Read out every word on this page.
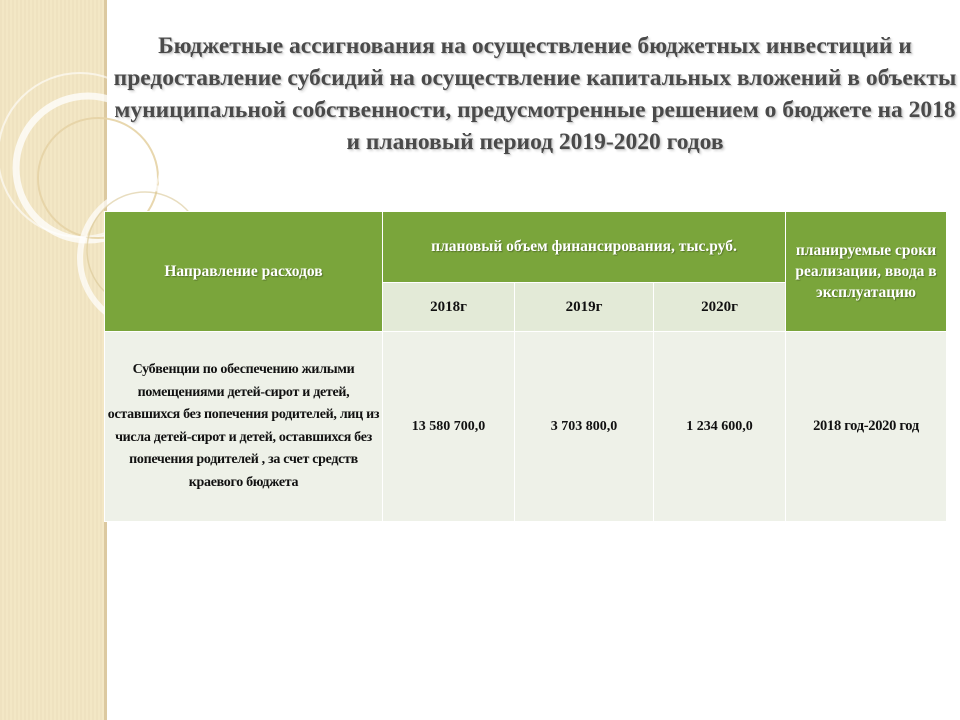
Бюджетные ассигнования на осуществление бюджетных инвестиций и предоставление субсидий на осуществление капитальных вложений в объекты муниципальной собственности, предусмотренные решением о бюджете на 2018 и плановый период 2019-2020 годов
Направление расходов	плановый объем финансирования, тыс.руб.			планируемые сроки реализации, ввода в эксплуатацию
	2018г	2019г	2020г	
Субвенции по обеспечению жилыми помещениями детей-сирот и детей, оставшихся без попечения родителей, лиц из числа детей-сирот и детей, оставшихся без попечения родителей , за счет средств краевого бюджета	13 580 700,0	3 703 800,0	1 234 600,0	2018 год-2020 год
